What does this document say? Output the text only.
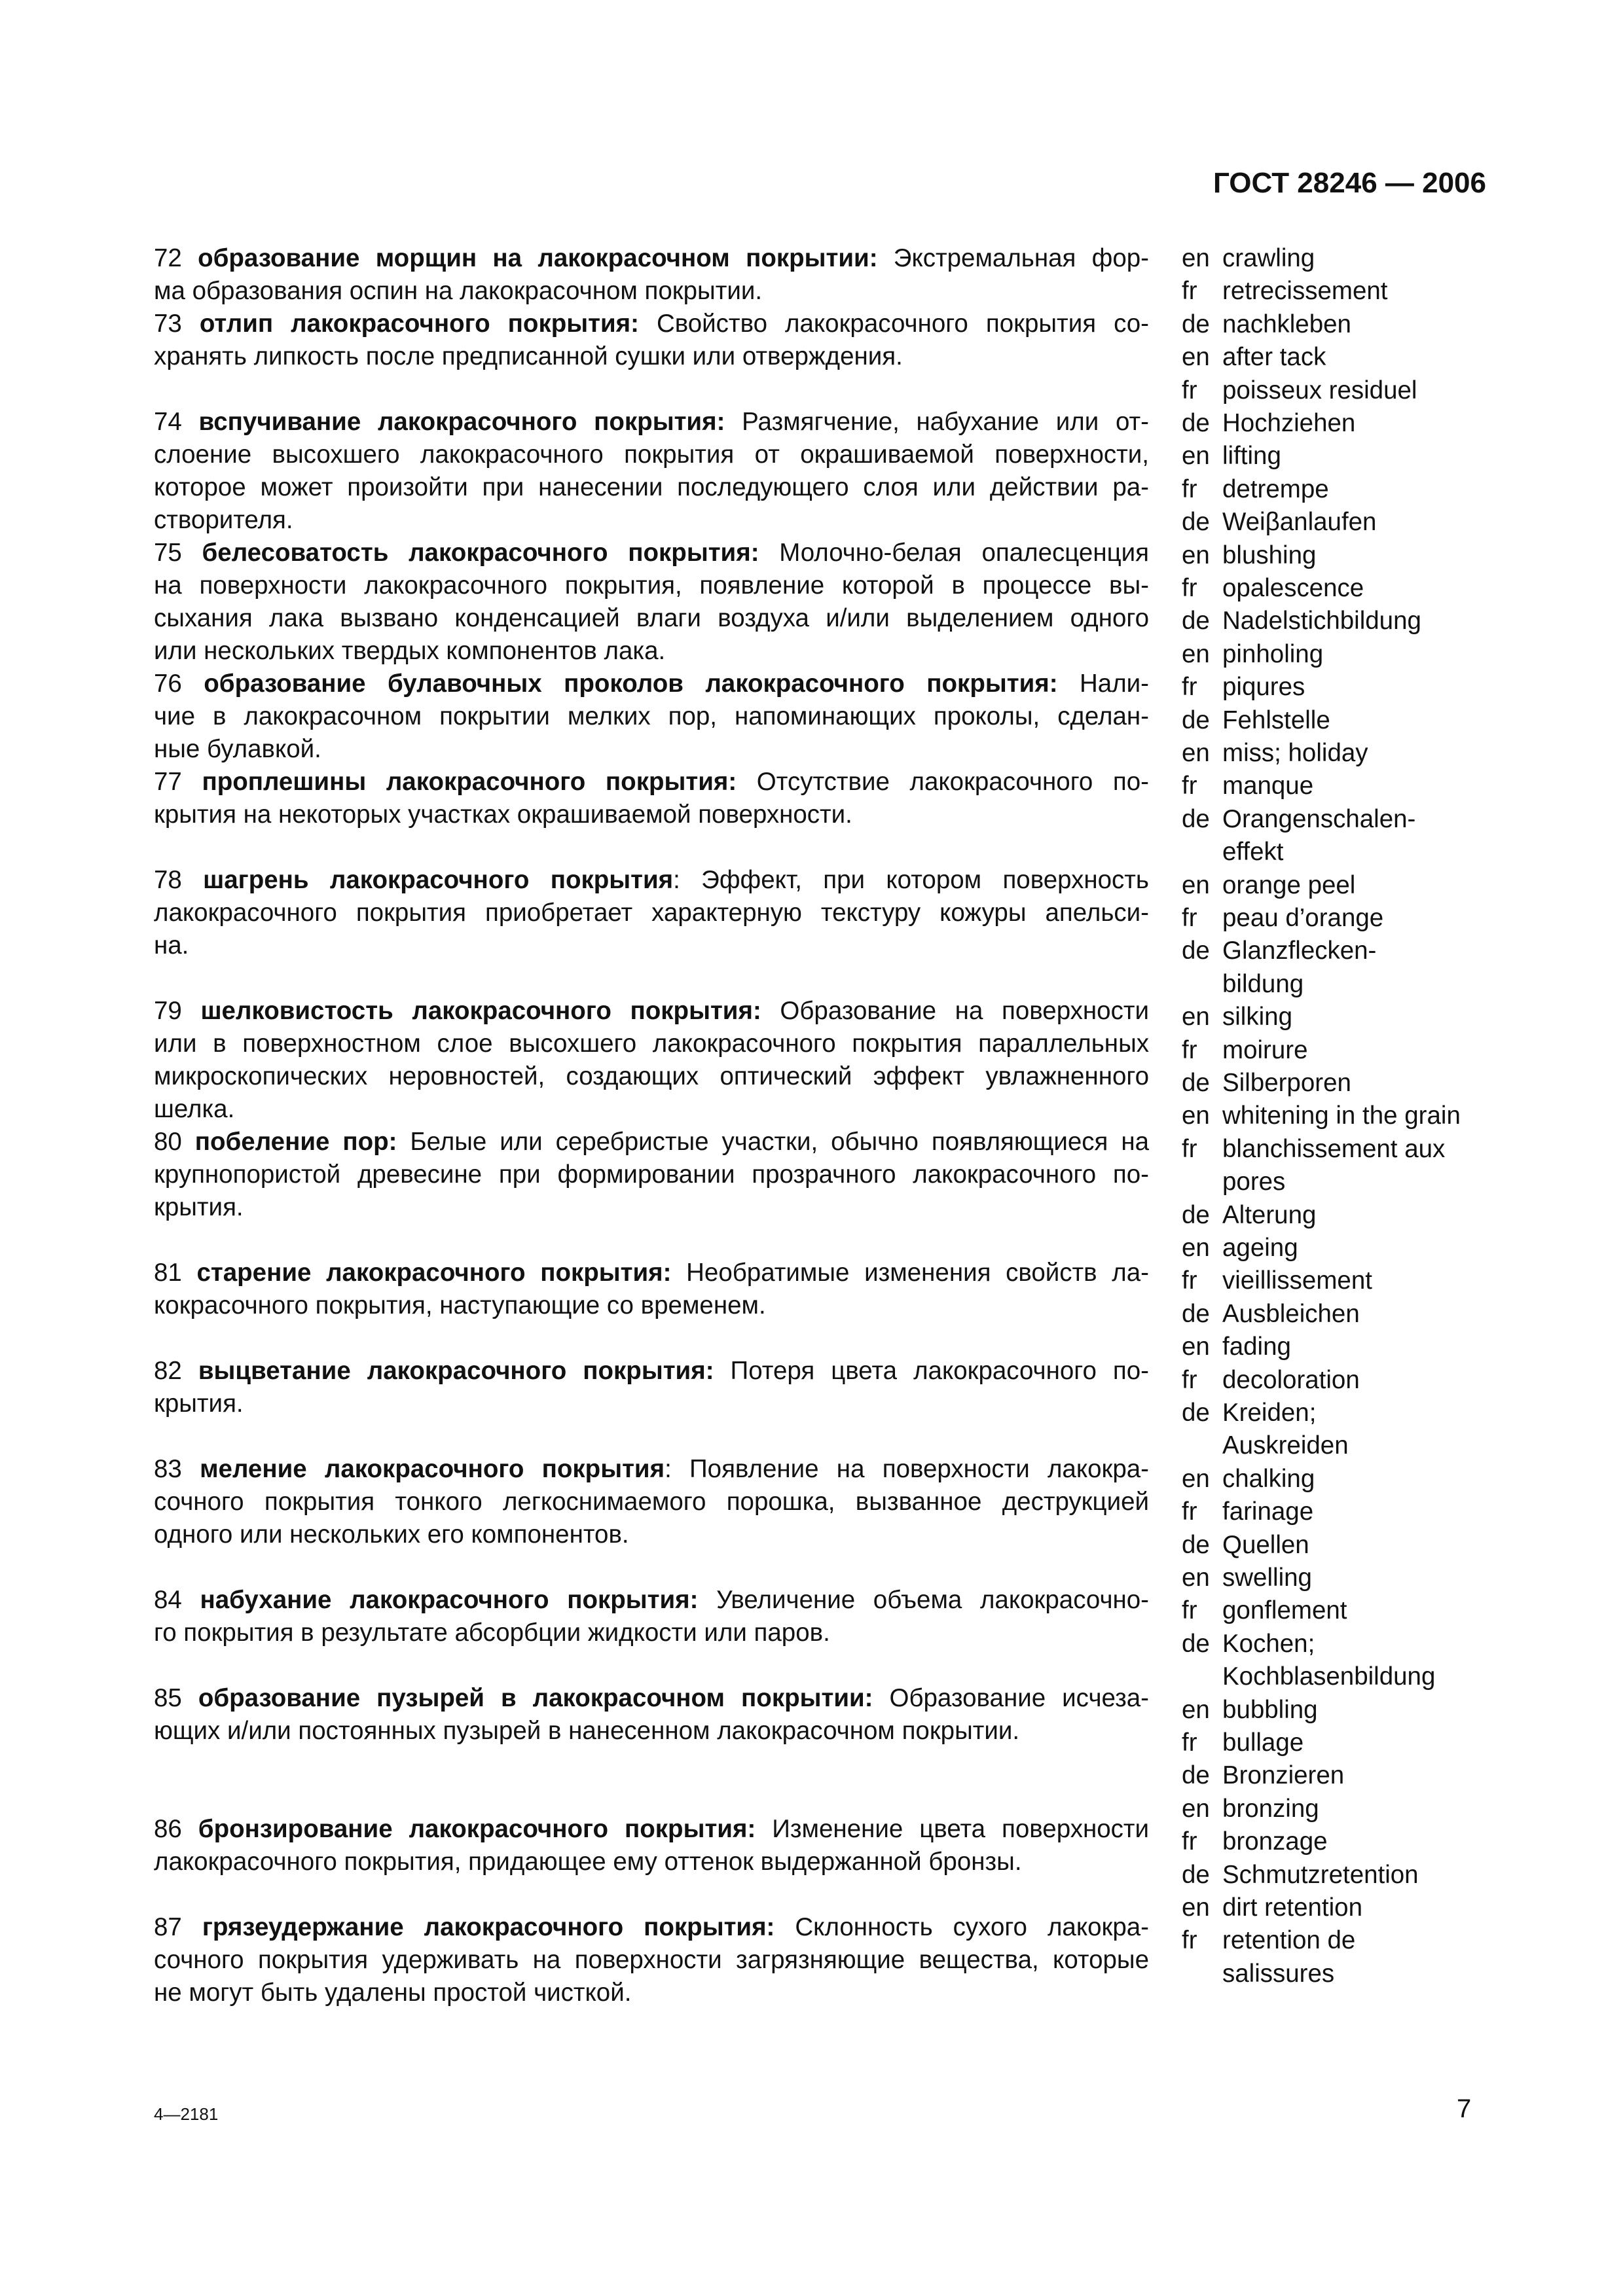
ГОСТ 28246 — 2006
72 образование морщин на лакокрасочном покрытии: Экстремальная фор-
ма образования оспин на лакокрасочном покрытии.
73 отлип лакокрасочного покрытия: Свойство лакокрасочного покрытия со-
хранять липкость после предписанной сушки или отверждения.
74 вспучивание лакокрасочного покрытия: Размягчение, набухание или от-
слоение высохшего лакокрасочного покрытия от окрашиваемой поверхности,
которое может произойти при нанесении последующего слоя или действии ра-
створителя.
75 белесоватость лакокрасочного покрытия: Молочно-белая опалесценция
на поверхности лакокрасочного покрытия, появление которой в процессе вы-
сыхания лака вызвано конденсацией влаги воздуха и/или выделением одного
или нескольких твердых компонентов лака.
76 образование булавочных проколов лакокрасочного покрытия: Нали-
чие в лакокрасочном покрытии мелких пор, напоминающих проколы, сделан-
ные булавкой.
77 проплешины лакокрасочного покрытия: Отсутствие лакокрасочного по-
крытия на некоторых участках окрашиваемой поверхности.
78 шагрень лакокрасочного покрытия: Эффект, при котором поверхность
лакокрасочного покрытия приобретает характерную текстуру кожуры апельси-
на.
79 шелковистость лакокрасочного покрытия: Образование на поверхности
или в поверхностном слое высохшего лакокрасочного покрытия параллельных
микроскопических неровностей, создающих оптический эффект увлажненного
шелка.
80 побеление пор: Белые или серебристые участки, обычно появляющиеся на
крупнопористой древесине при формировании прозрачного лакокрасочного по-
крытия.
81 старение лакокрасочного покрытия: Необратимые изменения свойств ла-
кокрасочного покрытия, наступающие со временем.
82 выцветание лакокрасочного покрытия: Потеря цвета лакокрасочного по-
крытия.
83 меление лакокрасочного покрытия: Появление на поверхности лакокра-
сочного покрытия тонкого легкоснимаемого порошка, вызванное деструкцией
одного или нескольких его компонентов.
84 набухание лакокрасочного покрытия: Увеличение объема лакокрасочно-
го покрытия в результате абсорбции жидкости или паров.
85 образование пузырей в лакокрасочном покрытии: Образование исчеза-
ющих и/или постоянных пузырей в нанесенном лакокрасочном покрытии.
86 бронзирование лакокрасочного покрытия: Изменение цвета поверхности
лакокрасочного покрытия, придающее ему оттенок выдержанной бронзы.
87 грязеудержание лакокрасочного покрытия: Склонность сухого лакокра-
сочного покрытия удерживать на поверхности загрязняющие вещества, которые
не могут быть удалены простой чисткой.
en crawling
fr retrecissement
de nachkleben
en after tack
fr poisseux residuel
de Hochziehen
en lifting
fr detrempe
de Weiβanlaufen
en blushing
fr opalescence
de Nadelstichbildung
en pinholing
fr piqures
de Fehlstelle
en miss; holiday
fr manque
de Orangenschalen-
effekt
en orange peel
fr peau d’orange
de Glanzflecken-
bildung
en silking
fr moirure
de Silberporen
en whitening in the grain
fr blanchissement aux
pores
de Alterung
en ageing
fr vieillissement
de Ausbleichen
en fading
fr decoloration
de Kreiden;
Auskreiden
en chalking
fr farinage
de Quellen
en swelling
fr gonflement
de Kochen;
Kochblasenbildung
en bubbling
fr bullage
de Bronzieren
en bronzing
fr bronzage
de Schmutzretention
en dirt retention
fr retention de
salissures
4—2181	7
